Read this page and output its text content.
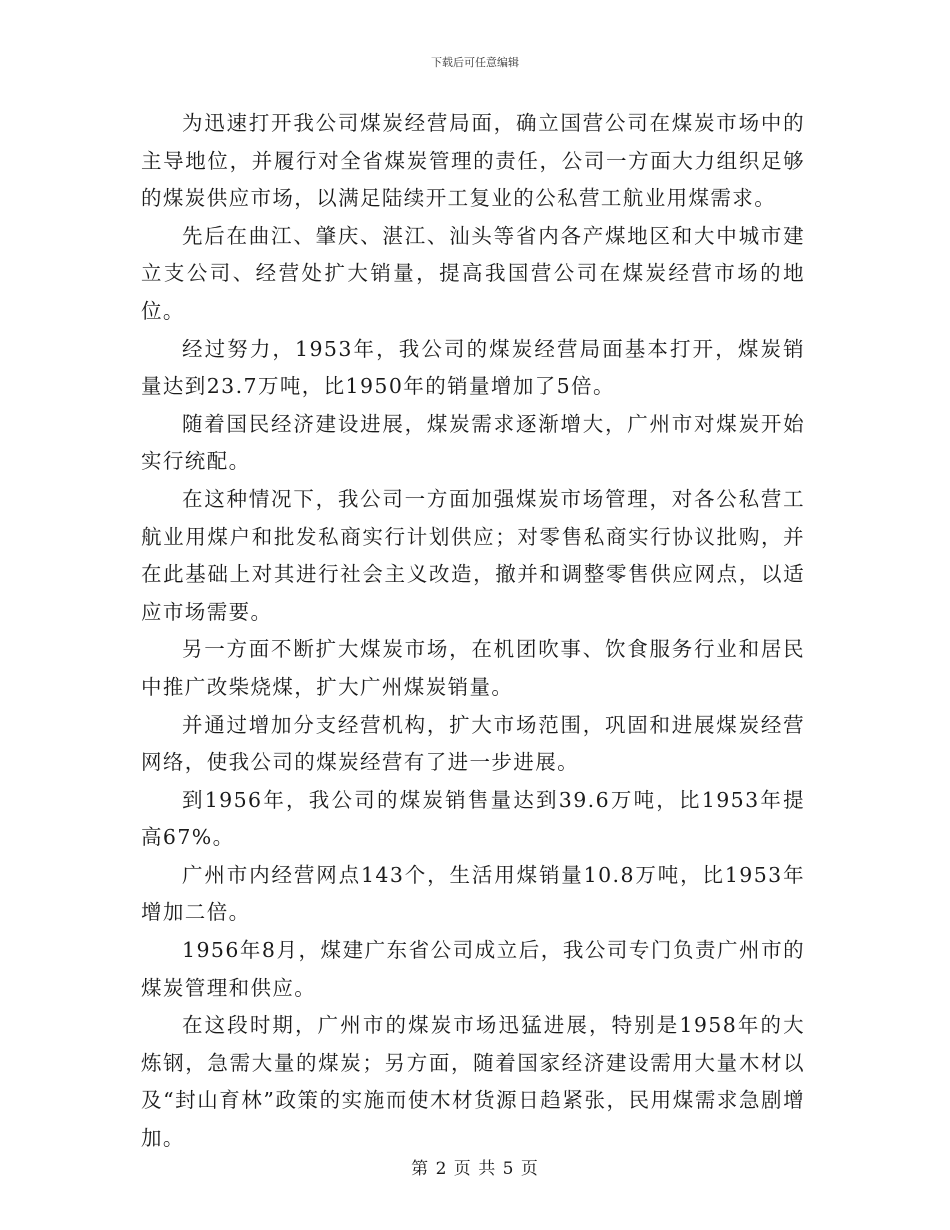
下载后可任意编辑

为迅速打开我公司煤炭经营局面，确立国营公司在煤炭市场中的主导地位，并履行对全省煤炭管理的责任，公司一方面大力组织足够的煤炭供应市场，以满足陆续开工复业的公私营工航业用煤需求。

先后在曲江、肇庆、湛江、汕头等省内各产煤地区和大中城市建立支公司、经营处扩大销量，提高我国营公司在煤炭经营市场的地位。

经过努力，1953年，我公司的煤炭经营局面基本打开，煤炭销量达到23.7万吨，比1950年的销量增加了5倍。

随着国民经济建设进展，煤炭需求逐渐增大，广州市对煤炭开始实行统配。

在这种情况下，我公司一方面加强煤炭市场管理，对各公私营工航业用煤户和批发私商实行计划供应；对零售私商实行协议批购，并在此基础上对其进行社会主义改造，撤并和调整零售供应网点，以适应市场需要。

另一方面不断扩大煤炭市场，在机团吹事、饮食服务行业和居民中推广改柴烧煤，扩大广州煤炭销量。

并通过增加分支经营机构，扩大市场范围，巩固和进展煤炭经营网络，使我公司的煤炭经营有了进一步进展。

到1956年，我公司的煤炭销售量达到39.6万吨，比1953年提高67%。

广州市内经营网点143个，生活用煤销量10.8万吨，比1953年增加二倍。

1956年8月，煤建广东省公司成立后，我公司专门负责广州市的煤炭管理和供应。

在这段时期，广州市的煤炭市场迅猛进展，特别是1958年的大炼钢，急需大量的煤炭；另方面，随着国家经济建设需用大量木材以及“封山育林”政策的实施而使木材货源日趋紧张，民用煤需求急剧增加。

第 2 页 共 5 页
